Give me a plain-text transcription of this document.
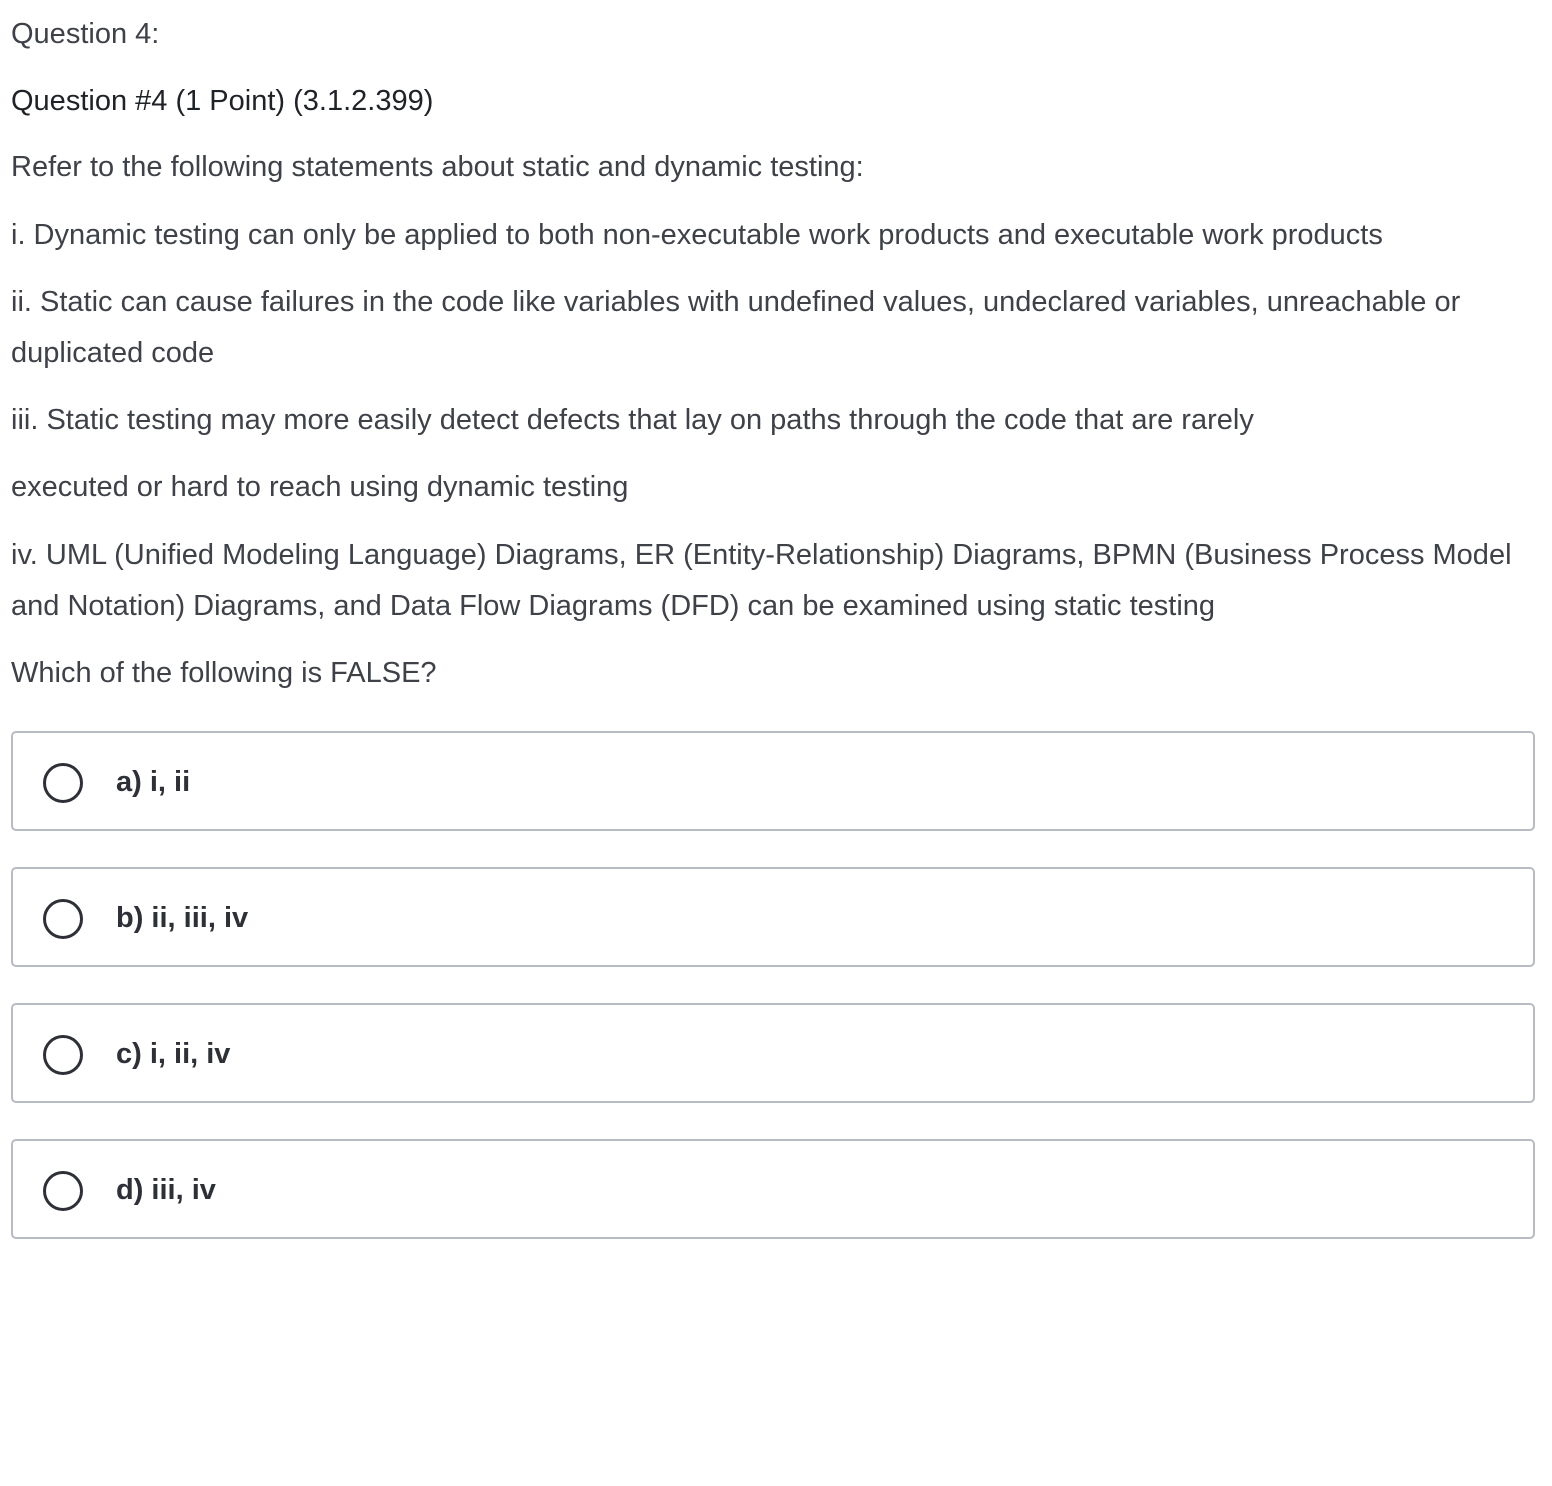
Question 4:
Question #4 (1 Point) (3.1.2.399)
Refer to the following statements about static and dynamic testing:
i. Dynamic testing can only be applied to both non-executable work products and executable work products
ii. Static can cause failures in the code like variables with undefined values, undeclared variables, unreachable or duplicated code
iii. Static testing may more easily detect defects that lay on paths through the code that are rarely
executed or hard to reach using dynamic testing
iv. UML (Unified Modeling Language) Diagrams, ER (Entity-Relationship) Diagrams, BPMN (Business Process Model and Notation) Diagrams, and Data Flow Diagrams (DFD) can be examined using static testing
Which of the following is FALSE?
a) i, ii
b) ii, iii, iv
c) i, ii, iv
d) iii, iv
